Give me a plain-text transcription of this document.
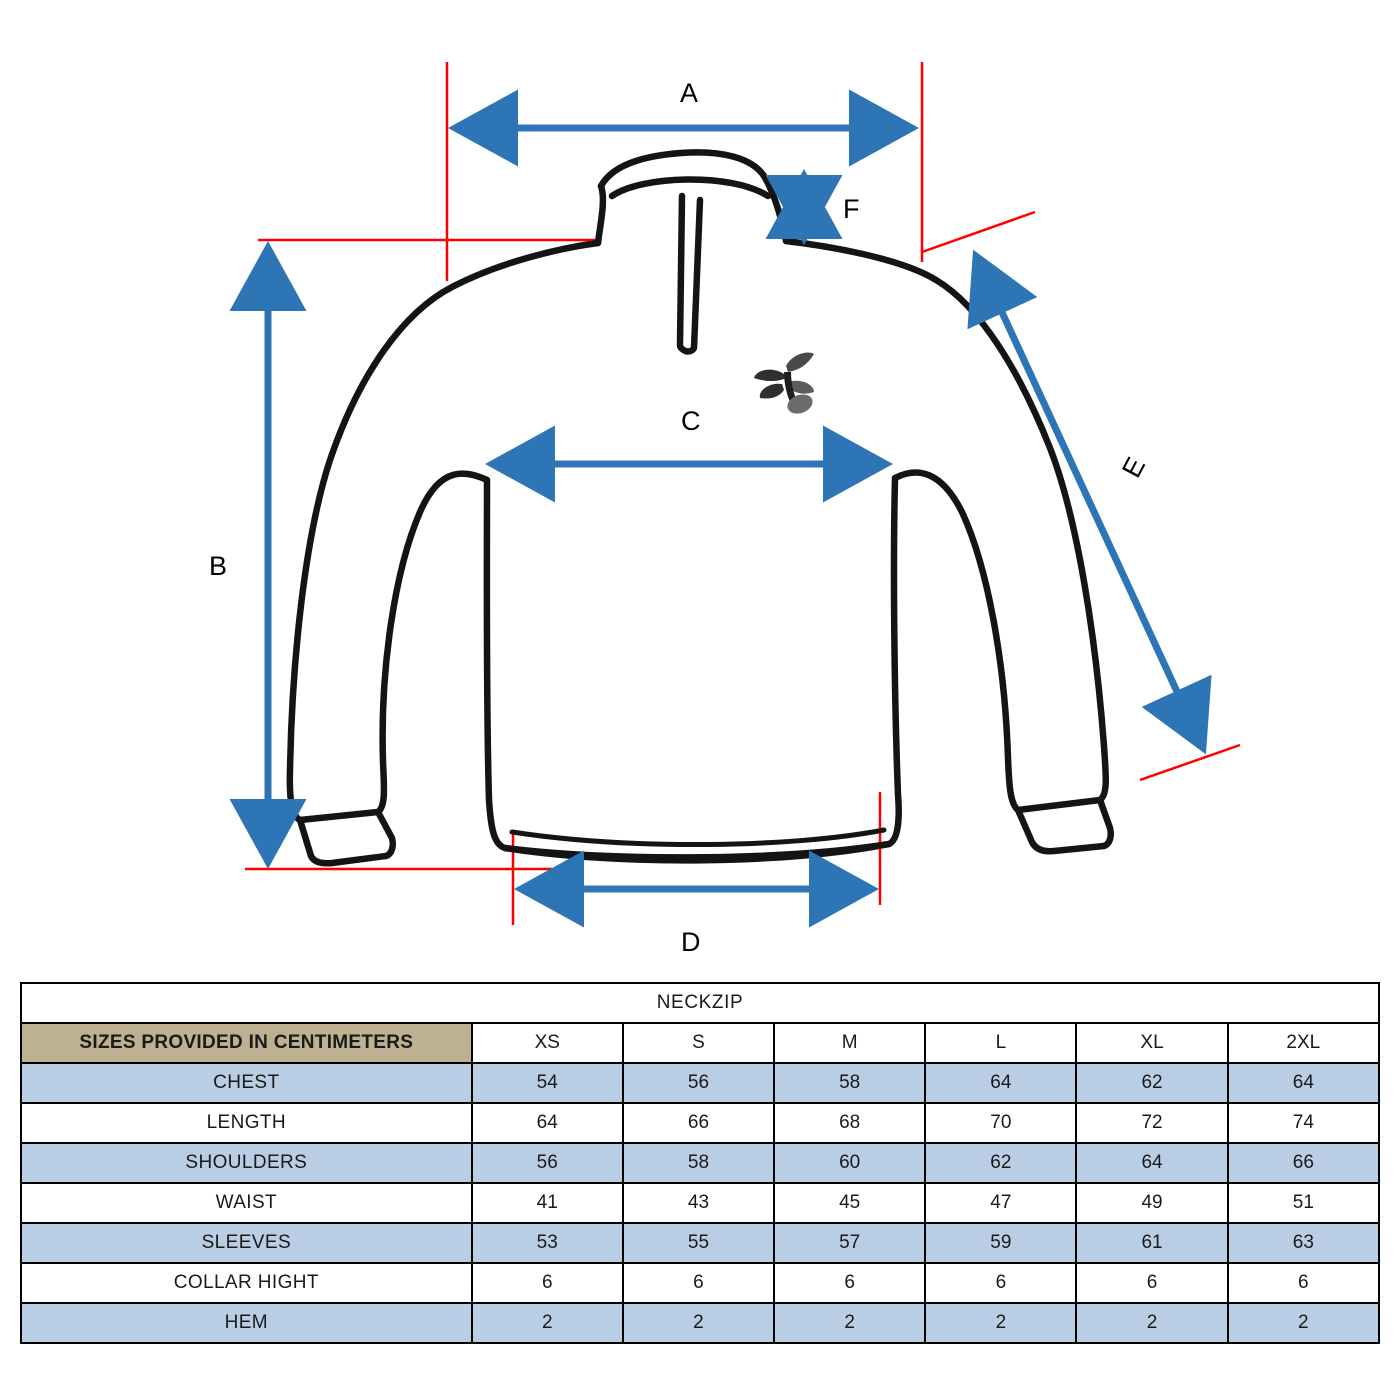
A
B
C
D
E
F
NECKZIP						
SIZES PROVIDED IN CENTIMETERS	XS	S	M	L	XL	2XL
CHEST	54	56	58	64	62	64
LENGTH	64	66	68	70	72	74
SHOULDERS	56	58	60	62	64	66
WAIST	41	43	45	47	49	51
SLEEVES	53	55	57	59	61	63
COLLAR HIGHT	6	6	6	6	6	6
HEM	2	2	2	2	2	2
